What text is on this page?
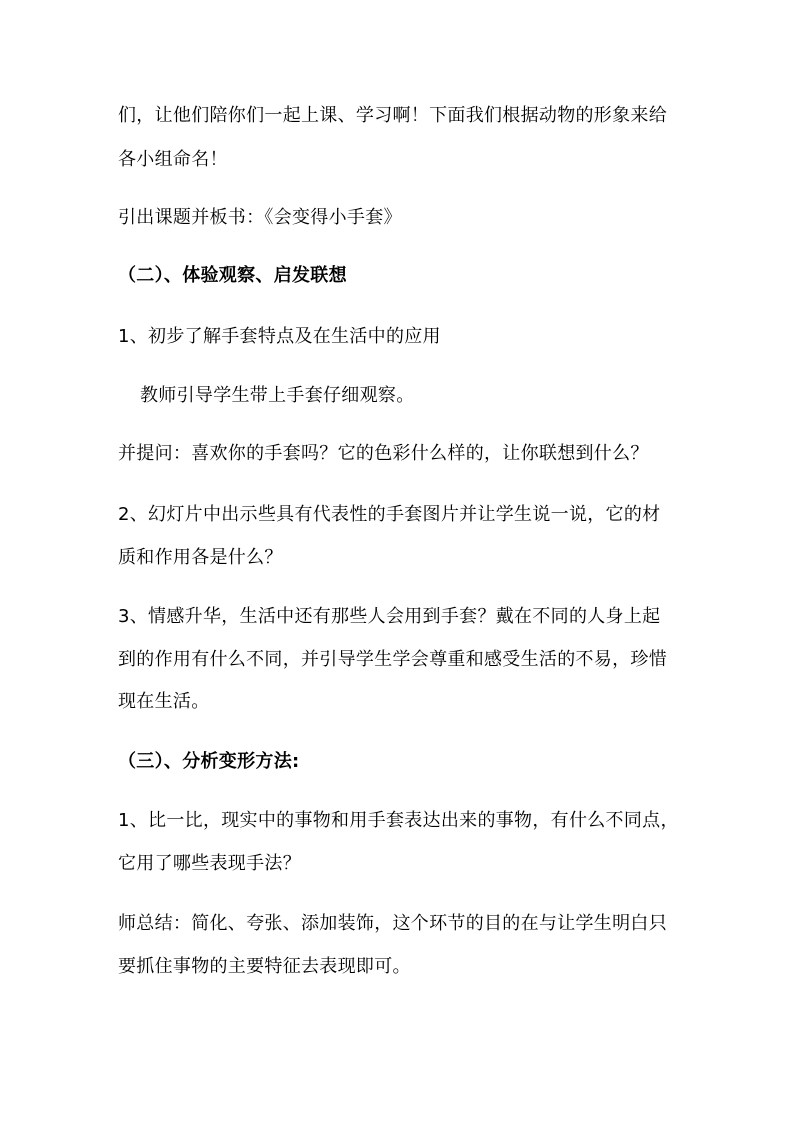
们，让他们陪你们一起上课、学习啊！下面我们根据动物的形象来给
各小组命名！
引出课题并板书：《会变得小手套》
（二）、体验观察、启发联想
1、初步了解手套特点及在生活中的应用
教师引导学生带上手套仔细观察。
并提问：喜欢你的手套吗？它的色彩什么样的，让你联想到什么？
2、幻灯片中出示些具有代表性的手套图片并让学生说一说，它的材
质和作用各是什么？
3、情感升华，生活中还有那些人会用到手套？戴在不同的人身上起
到的作用有什么不同，并引导学生学会尊重和感受生活的不易，珍惜
现在生活。
（三）、分析变形方法:
1、比一比，现实中的事物和用手套表达出来的事物，有什么不同点，
它用了哪些表现手法？
师总结：简化、夸张、添加装饰，这个环节的目的在与让学生明白只
要抓住事物的主要特征去表现即可。
